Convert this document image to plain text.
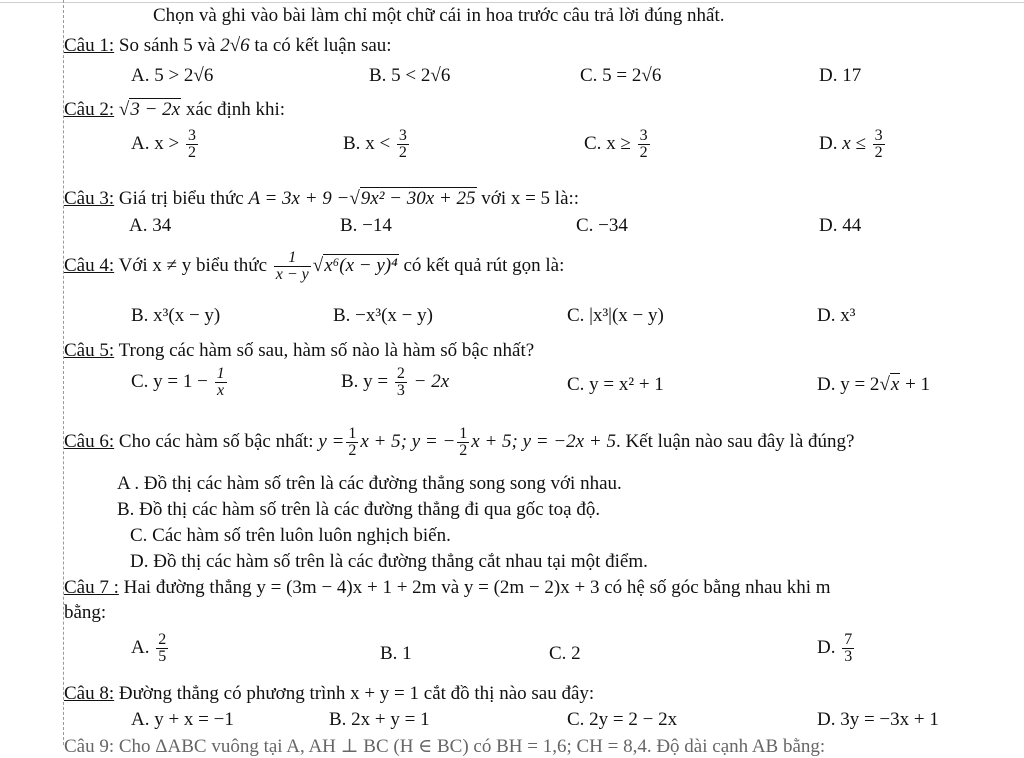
Chọn và ghi vào bài làm chỉ một chữ cái in hoa trước câu trả lời đúng nhất.
Câu 1: So sánh 5 và 2√6 ta có kết luận sau:
A. 5 > 2√6	B. 5 < 2√6	C. 5 = 2√6	D. 17
Câu 2: √3 − 2x xác định khi:
A. $x > \frac{3}{2}$	B. $x < \frac{3}{2}$	C. $x \ge \frac{3}{2}$	D. $x \le \frac{3}{2}$
Câu 3: Giá trị biểu thức A = 3x + 9 −√9x² − 30x + 25 với x = 5 là::
A. 34	B. −14	C. −34	D. 44
Câu 4: Với x ≠ y biểu thức $\frac{1}{x - y} √x^6(x - y)^4$ có kết quả rút gọn là:
B. x³(x − y)	B. −x³(x − y)	C. |x³|(x − y)	D. x³
Câu 5: Trong các hàm số sau, hàm số nào là hàm số bậc nhất?
C. $y = 1 - \frac{1}{x}$	B. $y = \frac{2}{3} - 2x$	C. y = x² + 1	D. y = 2√x + 1
Câu 6: Cho các hàm số bậc nhất: $y = \frac{1}{2}$ x + 5; y = − $\frac{1}{2}$ x + 5; y = −2x + 5. Kết luận nào sau đây là đúng?
A . Đồ thị các hàm số trên là các đường thẳng song song với nhau.
B. Đồ thị các hàm số trên là các đường thẳng đi qua gốc toạ độ.
C. Các hàm số trên luôn luôn nghịch biến.
D. Đồ thị các hàm số trên là các đường thẳng cắt nhau tại một điểm.
Câu 7 : Hai đường thẳng y = (3m − 4)x + 1 + 2m và y = (2m − 2)x + 3 có hệ số góc bằng nhau khi m
bằng:
A. $\frac{2}{5}$	B. 1	C. 2	D. $\frac{7}{3}$
Câu 8: Đường thẳng có phương trình x + y = 1 cắt đồ thị nào sau đây:
A. y + x = −1	B. 2x + y = 1	C. 2y = 2 − 2x	D. 3y = −3x + 1
Câu 9: Cho ΔABC vuông tại A, AH ⊥ BC (H ∈ BC) có BH = 1,6; CH = 8,4. Độ dài cạnh AB bằng:
